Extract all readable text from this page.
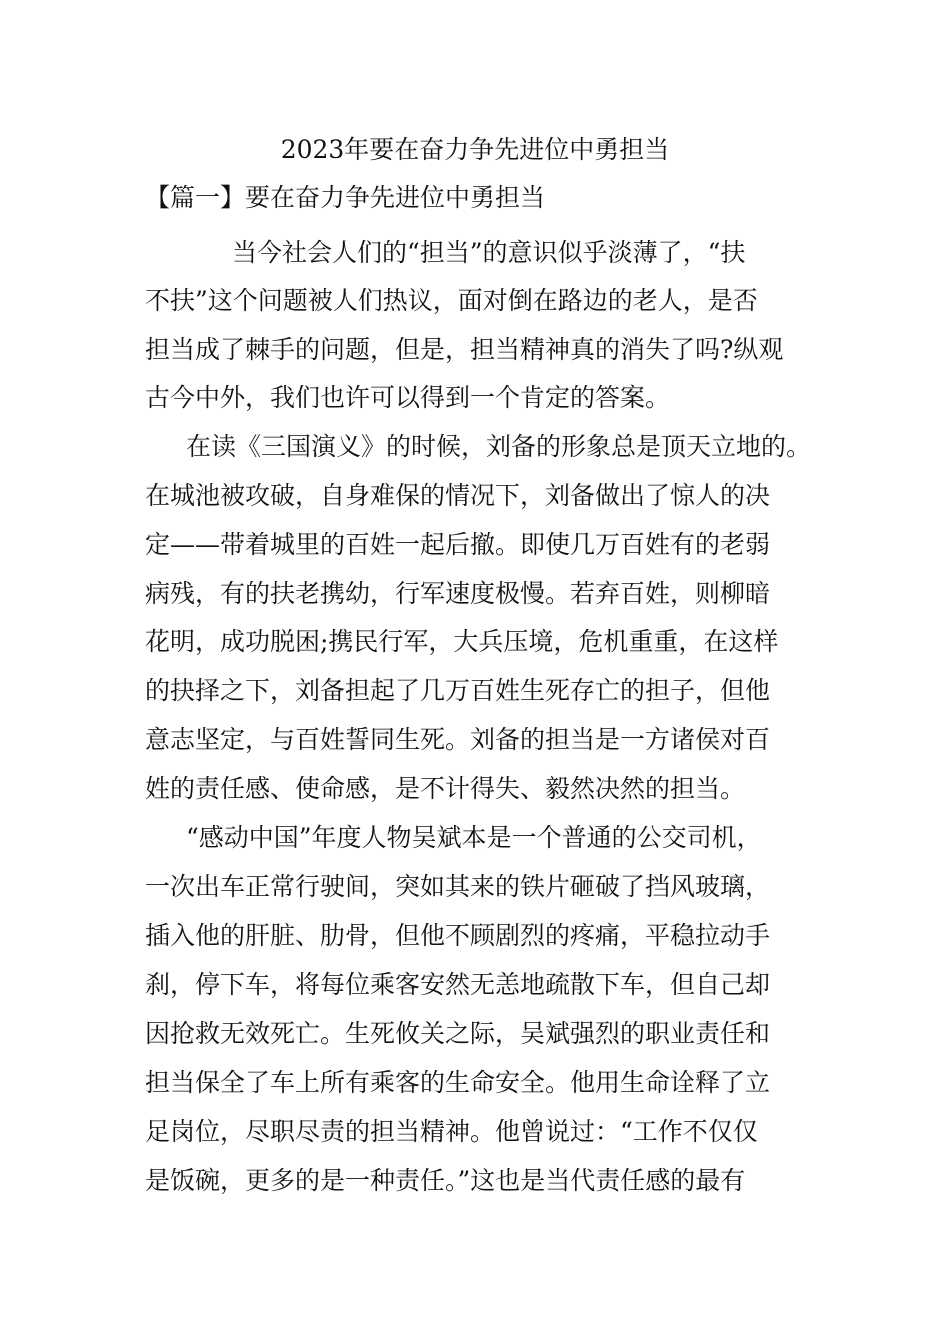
2023年要在奋力争先进位中勇担当
【篇一】要在奋力争先进位中勇担当
当今社会人们的“担当”的意识似乎淡薄了，“扶
不扶”这个问题被人们热议，面对倒在路边的老人，是否
担当成了棘手的问题，但是，担当精神真的消失了吗?纵观
古今中外，我们也许可以得到一个肯定的答案。
在读《三国演义》的时候，刘备的形象总是顶天立地的。
在城池被攻破，自身难保的情况下，刘备做出了惊人的决
定——带着城里的百姓一起后撤。即使几万百姓有的老弱
病残，有的扶老携幼，行军速度极慢。若弃百姓，则柳暗
花明，成功脱困;携民行军，大兵压境，危机重重，在这样
的抉择之下，刘备担起了几万百姓生死存亡的担子，但他
意志坚定，与百姓誓同生死。刘备的担当是一方诸侯对百
姓的责任感、使命感，是不计得失、毅然决然的担当。
“感动中国”年度人物吴斌本是一个普通的公交司机，
一次出车正常行驶间，突如其来的铁片砸破了挡风玻璃，
插入他的肝脏、肋骨，但他不顾剧烈的疼痛，平稳拉动手
刹，停下车，将每位乘客安然无恙地疏散下车，但自己却
因抢救无效死亡。生死攸关之际，吴斌强烈的职业责任和
担当保全了车上所有乘客的生命安全。他用生命诠释了立
足岗位，尽职尽责的担当精神。他曾说过：“工作不仅仅
是饭碗，更多的是一种责任。”这也是当代责任感的最有
